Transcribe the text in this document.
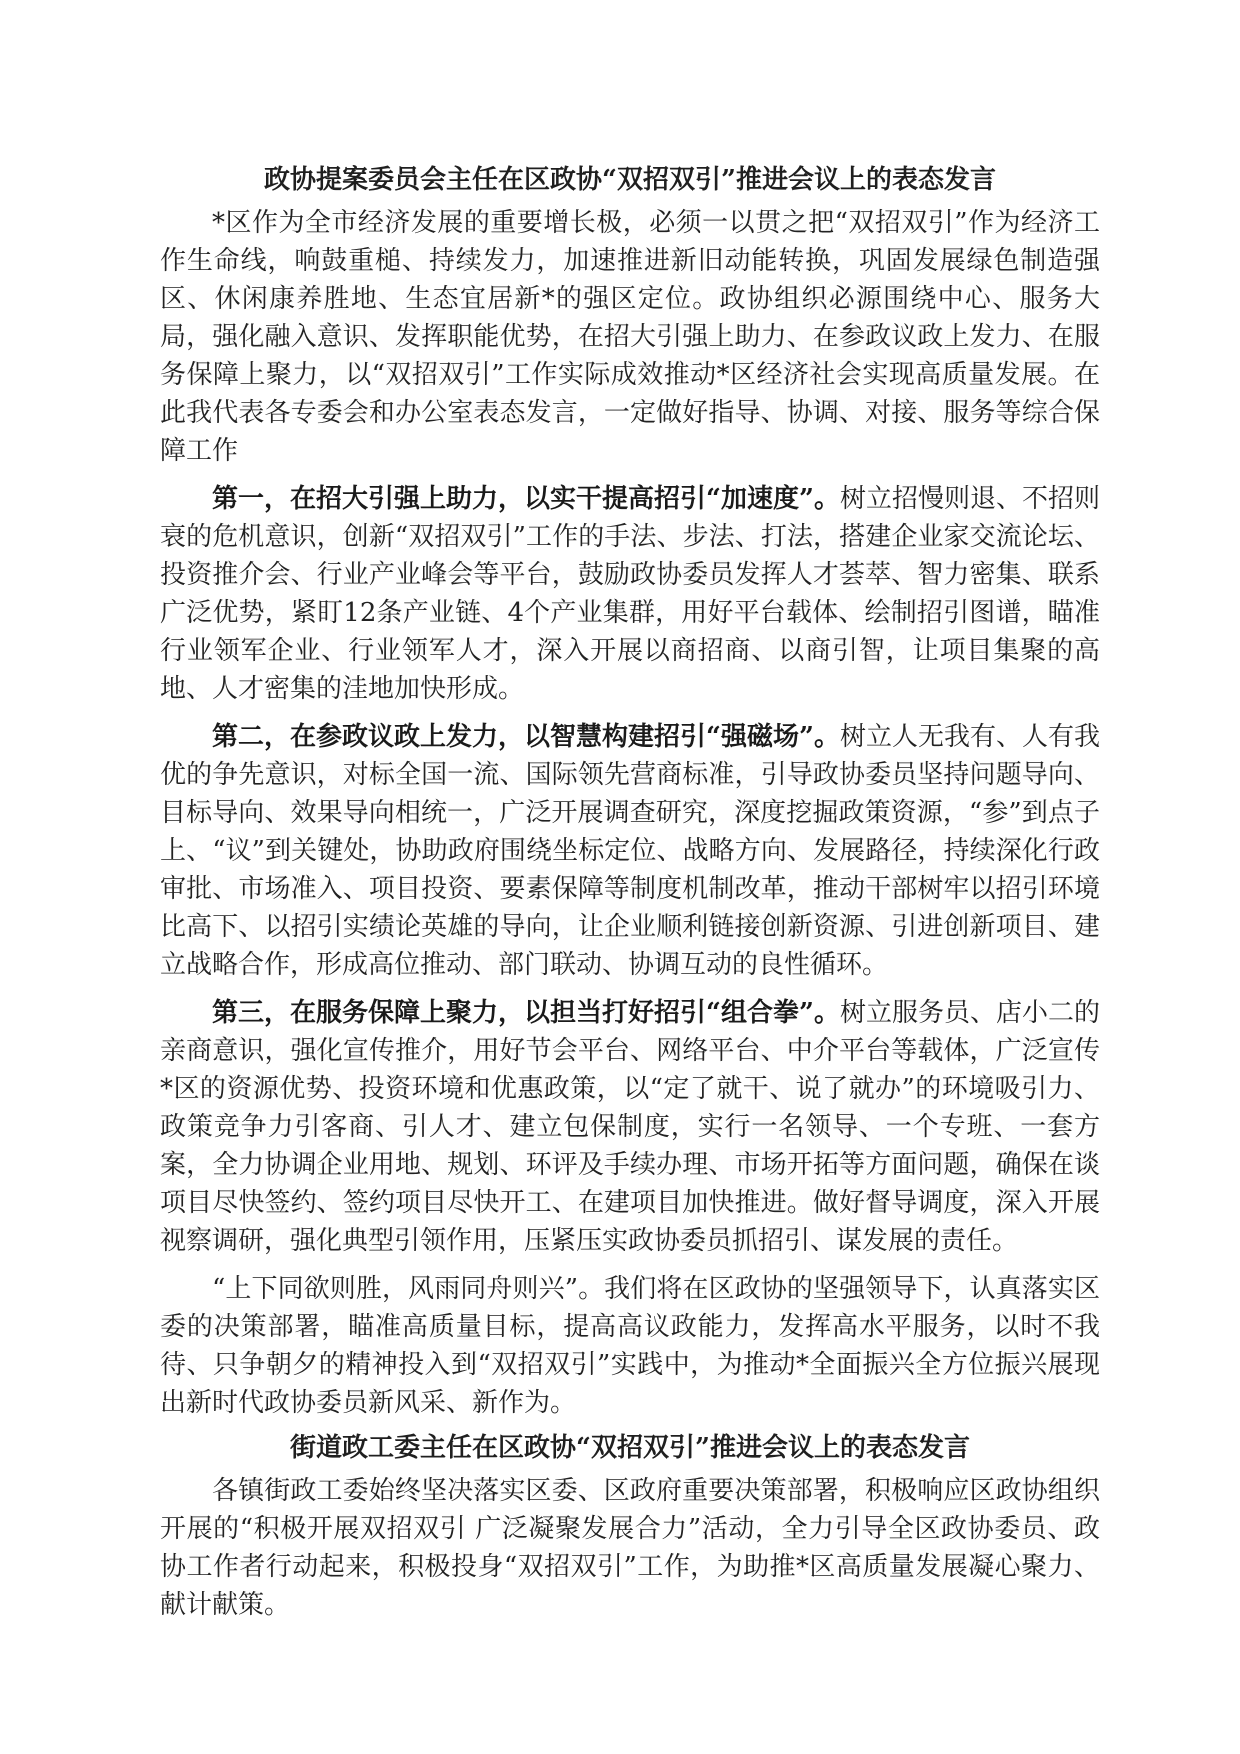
政协提案委员会主任在区政协“双招双引”推进会议上的表态发言

*区作为全市经济发展的重要增长极，必须一以贯之把“双招双引”作为经济工作生命线，响鼓重槌、持续发力，加速推进新旧动能转换，巩固发展绿色制造强区、休闲康养胜地、生态宜居新*的强区定位。政协组织必源围绕中心、服务大局，强化融入意识、发挥职能优势，在招大引强上助力、在参政议政上发力、在服务保障上聚力，以“双招双引”工作实际成效推动*区经济社会实现高质量发展。在此我代表各专委会和办公室表态发言，一定做好指导、协调、对接、服务等综合保障工作

第一，在招大引强上助力，以实干提高招引“加速度”。树立招慢则退、不招则衰的危机意识，创新“双招双引”工作的手法、步法、打法，搭建企业家交流论坛、投资推介会、行业产业峰会等平台，鼓励政协委员发挥人才荟萃、智力密集、联系广泛优势，紧盯12条产业链、4个产业集群，用好平台载体、绘制招引图谱，瞄准行业领军企业、行业领军人才，深入开展以商招商、以商引智，让项目集聚的高地、人才密集的洼地加快形成。

第二，在参政议政上发力，以智慧构建招引“强磁场”。树立人无我有、人有我优的争先意识，对标全国一流、国际领先营商标准，引导政协委员坚持问题导向、目标导向、效果导向相统一，广泛开展调查研究，深度挖掘政策资源，“参”到点子上、“议”到关键处，协助政府围绕坐标定位、战略方向、发展路径，持续深化行政审批、市场准入、项目投资、要素保障等制度机制改革，推动干部树牢以招引环境比高下、以招引实绩论英雄的导向，让企业顺利链接创新资源、引进创新项目、建立战略合作，形成高位推动、部门联动、协调互动的良性循环。

第三，在服务保障上聚力，以担当打好招引“组合拳”。树立服务员、店小二的亲商意识，强化宣传推介，用好节会平台、网络平台、中介平台等载体，广泛宣传*区的资源优势、投资环境和优惠政策，以“定了就干、说了就办”的环境吸引力、政策竞争力引客商、引人才、建立包保制度，实行一名领导、一个专班、一套方案，全力协调企业用地、规划、环评及手续办理、市场开拓等方面问题，确保在谈项目尽快签约、签约项目尽快开工、在建项目加快推进。做好督导调度，深入开展视察调研，强化典型引领作用，压紧压实政协委员抓招引、谋发展的责任。

“上下同欲则胜，风雨同舟则兴”。我们将在区政协的坚强领导下，认真落实区委的决策部署，瞄准高质量目标，提高高议政能力，发挥高水平服务，以时不我待、只争朝夕的精神投入到“双招双引”实践中，为推动*全面振兴全方位振兴展现出新时代政协委员新风采、新作为。

街道政工委主任在区政协“双招双引”推进会议上的表态发言

各镇街政工委始终坚决落实区委、区政府重要决策部署，积极响应区政协组织开展的“积极开展双招双引 广泛凝聚发展合力”活动，全力引导全区政协委员、政协工作者行动起来，积极投身“双招双引”工作，为助推*区高质量发展凝心聚力、献计献策。
